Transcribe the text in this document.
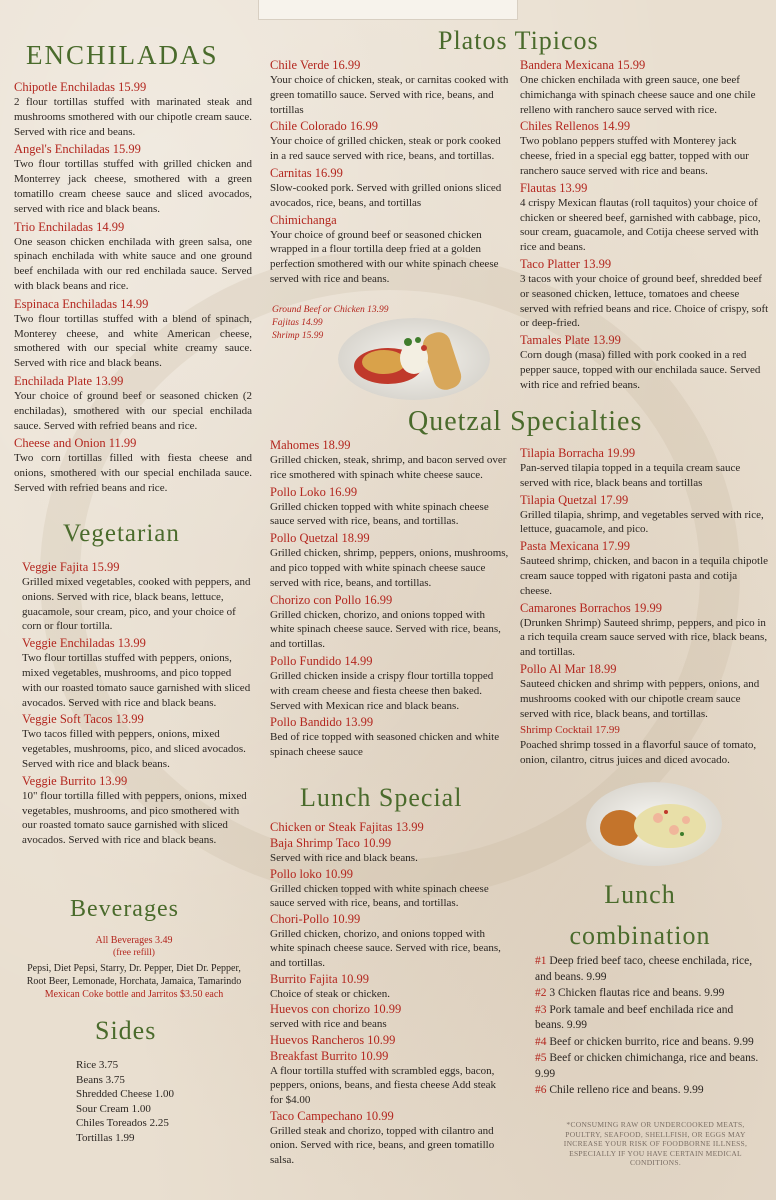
ENCHILADAS
Chipotle Enchiladas 15.99
2 flour tortillas stuffed with marinated steak and mushrooms smothered with our chipotle cream sauce. Served with rice and beans.
Angel's Enchiladas 15.99
Two flour tortillas stuffed with grilled chicken and Monterrey jack cheese, smothered with a green tomatillo cream cheese sauce and sliced avocados, served with rice and black beans.
Trio Enchiladas 14.99
One season chicken enchilada with green salsa, one spinach enchilada with white sauce and one ground beef enchilada with our red enchilada sauce. Served with black beans and rice.
Espinaca Enchiladas 14.99
Two flour tortillas stuffed with a blend of spinach, Monterey cheese, and white American cheese, smothered with our special white creamy sauce. Served with rice and black beans.
Enchilada Plate 13.99
Your choice of ground beef or seasoned chicken (2 enchiladas), smothered with our special enchilada sauce. Served with refried beans and rice.
Cheese and Onion 11.99
Two corn tortillas filled with fiesta cheese and onions, smothered with our special enchilada sauce. Served with refried beans and rice.
Vegetarian
Veggie Fajita 15.99
Grilled mixed vegetables, cooked with peppers, and onions. Served with rice, black beans, lettuce, guacamole, sour cream, pico, and your choice of corn or flour tortilla.
Veggie Enchiladas 13.99
Two flour tortillas stuffed with peppers, onions, mixed vegetables, mushrooms, and pico topped with our roasted tomato sauce garnished with sliced avocados. Served with rice and black beans.
Veggie Soft Tacos 13.99
Two tacos filled with peppers, onions, mixed vegetables, mushrooms, pico, and sliced avocados. Served with rice and black beans.
Veggie Burrito 13.99
10" flour tortilla filled with peppers, onions, mixed vegetables, mushrooms, and pico smothered with our roasted tomato sauce garnished with sliced avocados. Served with rice and black beans.
Beverages
All Beverages 3.49
(free refill)
Pepsi, Diet Pepsi, Starry, Dr. Pepper, Diet Dr. Pepper, Root Beer, Lemonade, Horchata, Jamaica, Tamarindo
Mexican Coke bottle and Jarritos $3.50 each
Sides
Rice 3.75
Beans 3.75
Shredded Cheese 1.00
Sour Cream 1.00
Chiles Toreados 2.25
Tortillas 1.99
Platos Tipicos
Chile Verde 16.99
Your choice of chicken, steak, or carnitas cooked with green tomatillo sauce. Served with rice, beans, and tortillas
Chile Colorado 16.99
Your choice of grilled chicken, steak or pork cooked in a red sauce served with rice, beans, and tortillas.
Carnitas 16.99
Slow-cooked pork. Served with grilled onions sliced avocados, rice, beans, and tortillas
Chimichanga
Your choice of ground beef or seasoned chicken wrapped in a flour tortilla deep fried at a golden perfection smothered with our white spinach cheese served with rice and beans.
Ground Beef or Chicken 13.99
Fajitas 14.99
Shrimp 15.99
Bandera Mexicana 15.99
One chicken enchilada with green sauce, one beef chimichanga with spinach cheese sauce and one chile relleno with ranchero sauce served with rice.
Chiles Rellenos 14.99
Two poblano peppers stuffed with Monterey jack cheese, fried in a special egg batter, topped with our ranchero sauce served with rice and beans.
Flautas 13.99
4 crispy Mexican flautas (roll taquitos) your choice of chicken or sheered beef, garnished with cabbage, pico, sour cream, guacamole, and Cotija cheese served with rice and beans.
Taco Platter 13.99
3 tacos with your choice of ground beef, shredded beef or seasoned chicken, lettuce, tomatoes and cheese served with refried beans and rice. Choice of crispy, soft or deep-fried.
Tamales Plate 13.99
Corn dough (masa) filled with pork cooked in a red pepper sauce, topped with our enchilada sauce. Served with rice and refried beans.
Quetzal Specialties
Mahomes 18.99
Grilled chicken, steak, shrimp, and bacon served over rice smothered with spinach white cheese sauce.
Pollo Loko 16.99
Grilled chicken topped with white spinach cheese sauce served with rice, beans, and tortillas.
Pollo Quetzal 18.99
Grilled chicken, shrimp, peppers, onions, mushrooms, and pico topped with white spinach cheese sauce served with rice, beans, and tortillas.
Chorizo con Pollo 16.99
Grilled chicken, chorizo, and onions topped with white spinach cheese sauce. Served with rice, beans, and tortillas.
Pollo Fundido 14.99
Grilled chicken inside a crispy flour tortilla topped with cream cheese and fiesta cheese then baked. Served with Mexican rice and black beans.
Pollo Bandido 13.99
Bed of rice topped with seasoned chicken and white spinach cheese sauce
Tilapia Borracha 19.99
Pan-served tilapia topped in a tequila cream sauce served with rice, black beans and tortillas
Tilapia Quetzal 17.99
Grilled tilapia, shrimp, and vegetables served with rice, lettuce, guacamole, and pico.
Pasta Mexicana 17.99
Sauteed shrimp, chicken, and bacon in a tequila chipotle cream sauce topped with rigatoni pasta and cotija cheese.
Camarones Borrachos 19.99
(Drunken Shrimp) Sauteed shrimp, peppers, and pico in a rich tequila cream sauce served with rice, black beans, and tortillas.
Pollo Al Mar 18.99
Sauteed chicken and shrimp with peppers, onions, and mushrooms cooked with our chipotle cream sauce served with rice, black beans, and tortillas.
Shrimp Cocktail 17.99
Poached shrimp tossed in a flavorful sauce of tomato, onion, cilantro, citrus juices and diced avocado.
Lunch Special
Chicken or Steak Fajitas 13.99
Baja Shrimp Taco 10.99
Served with rice and black beans.
Pollo loko 10.99
Grilled chicken topped with white spinach cheese sauce served with rice, beans, and tortillas.
Chori-Pollo 10.99
Grilled chicken, chorizo, and onions topped with white spinach cheese sauce. Served with rice, beans, and tortillas.
Burrito Fajita 10.99
Choice of steak or chicken.
Huevos con chorizo 10.99
served with rice and beans
Huevos Rancheros 10.99
Breakfast Burrito 10.99
A flour tortilla stuffed with scrambled eggs, bacon, peppers, onions, beans, and fiesta cheese Add steak for $4.00
Taco Campechano 10.99
Grilled steak and chorizo, topped with cilantro and onion. Served with rice, beans, and green tomatillo salsa.
Lunch
combination
#1 Deep fried beef taco, cheese enchilada, rice, and beans. 9.99
#2 3 Chicken flautas rice and beans. 9.99
#3 Pork tamale and beef enchilada rice and beans. 9.99
#4 Beef or chicken burrito, rice and beans. 9.99
#5 Beef or chicken chimichanga, rice and beans. 9.99
#6 Chile relleno rice and beans. 9.99
*CONSUMING RAW OR UNDERCOOKED MEATS, POULTRY, SEAFOOD, SHELLFISH, OR EGGS MAY INCREASE YOUR RISK OF FOODBORNE ILLNESS, ESPECIALLY IF YOU HAVE CERTAIN MEDICAL CONDITIONS.
